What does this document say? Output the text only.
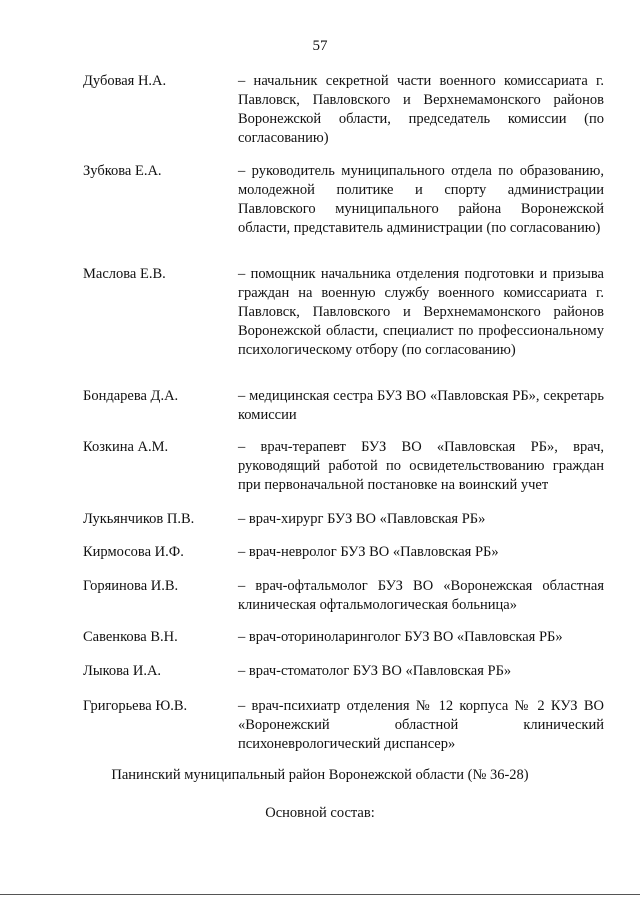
57
Дубовая Н.А.	– начальник секретной части военного комиссариата г. Павловск, Павловского и Верхнемамонского районов Воронежской области, председатель комиссии (по согласованию)
Зубкова Е.А.	– руководитель муниципального отдела по образованию, молодежной политике и спорту администрации Павловского муниципального района Воронежской области, представитель администрации (по согласованию)
Маслова Е.В.	– помощник начальника отделения подготовки и призыва граждан на военную службу военного комиссариата г. Павловск, Павловского и Верхнемамонского районов Воронежской области, специалист по профессиональному психологическому отбору (по согласованию)
Бондарева Д.А.	– медицинская сестра БУЗ ВО «Павловская РБ», секретарь комиссии
Козкина А.М.	– врач-терапевт БУЗ ВО «Павловская РБ», врач, руководящий работой по освидетельствованию граждан при первоначальной постановке на воинский учет
Лукьянчиков П.В.	– врач-хирург БУЗ ВО «Павловская РБ»
Кирмосова И.Ф.	– врач-невролог БУЗ ВО «Павловская РБ»
Горяинова И.В.	– врач-офтальмолог БУЗ ВО «Воронежская областная клиническая офтальмологическая больница»
Савенкова В.Н.	– врач-оториноларинголог БУЗ ВО «Павловская РБ»
Лыкова И.А.	– врач-стоматолог БУЗ ВО «Павловская РБ»
Григорьева Ю.В.	– врач-психиатр отделения № 12 корпуса № 2 КУЗ ВО «Воронежский областной клинический психоневрологический диспансер»
Панинский муниципальный район Воронежской области (№ 36-28)
Основной состав:
